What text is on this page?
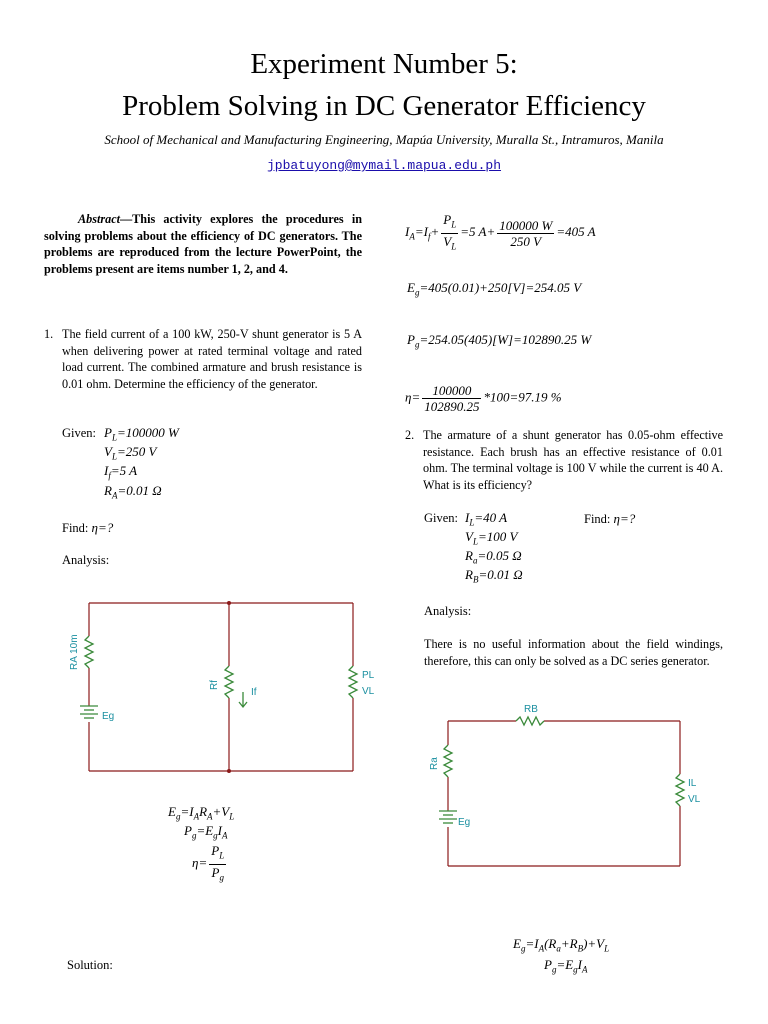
Experiment Number 5:
Problem Solving in DC Generator Efficiency
School of Mechanical and Manufacturing Engineering, Mapúa University, Muralla St., Intramuros, Manila
jpbatuyong@mymail.mapua.edu.ph
Abstract—This activity explores the procedures in solving problems about the efficiency of DC generators. The problems are reproduced from the lecture PowerPoint, the problems present are items number 1, 2, and 4.
1. The field current of a 100 kW, 250-V shunt generator is 5 A when delivering power at rated terminal voltage and rated load current. The combined armature and brush resistance is 0.01 ohm. Determine the efficiency of the generator.
Given: $P_L=100000$ W
$V_L=250$ V
$I_f=5$ A
$R_A=0.01$ Ω
Find: η=?
Analysis:
RA 10m
Eg
Rf
If
PL
VL
$E_g=I_AR_A+V_L$
$P_g=E_gI_A$
$\eta= \frac{P_L}{P_g}$
Solution:
$I_A=I_f+ \frac{P_L}{V_L} =5$ $A+ \frac{100000 W}{250 V} =405$ A
$E_g=405(0.01)+250[V]=254.05$ V
$P_g=254.05(405)[W]=102890.25$ W
$\eta= \frac{100000}{102890.25} *100=97.19$ %
2. The armature of a shunt generator has 0.05-ohm effective resistance. Each brush has an effective resistance of 0.01 ohm. The terminal voltage is 100 V while the current is 40 A. What is its efficiency?
Given: $I_L=40$ A
$V_L=100$ V
$R_a=0.05$ Ω
$R_B=0.01$ Ω
Find: η=?
Analysis:
There is no useful information about the field windings, therefore, this can only be solved as a DC series generator.
RB
Ra
Eg
IL
VL
$E_g=I_A(R_a+R_B)+V_L$
$P_g=E_gI_A$
